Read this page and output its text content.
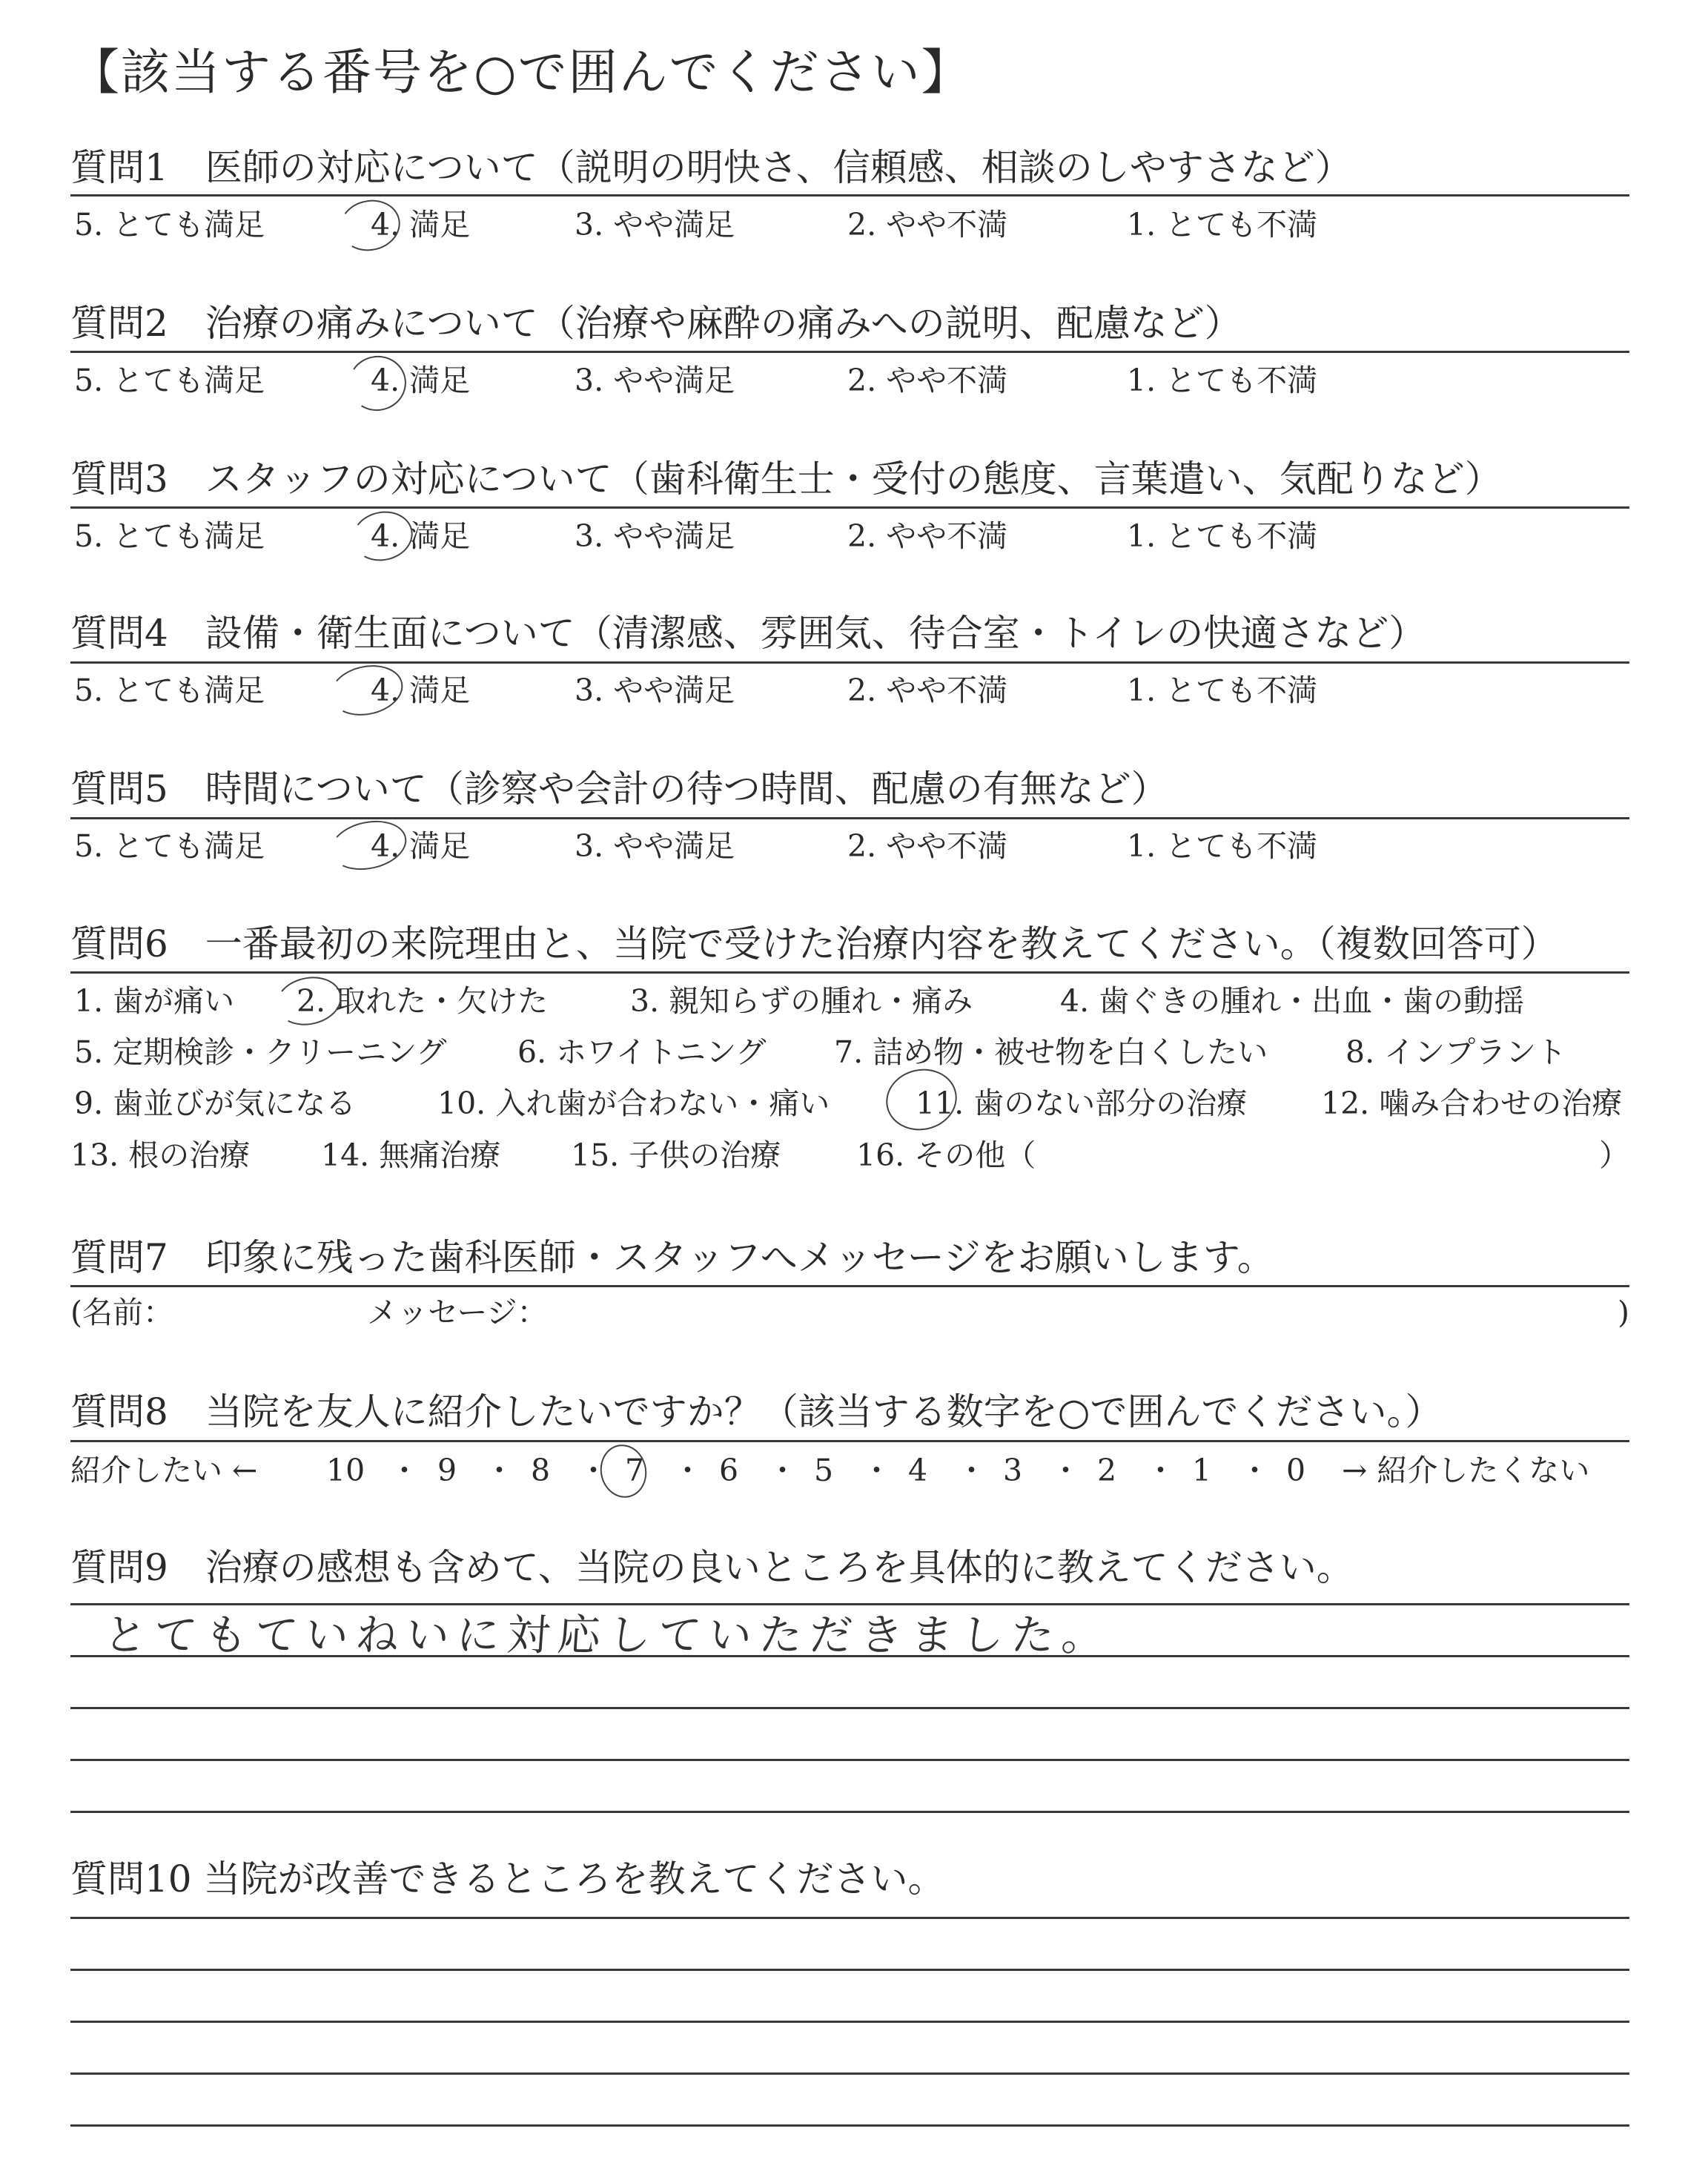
【該当する番号を○で囲んでください】
質問1　医師の対応について（説明の明快さ、信頼感、相談のしやすさなど）
5. とても満足	4. 満足	3. やや満足	2. やや不満	1. とても不満
質問2　治療の痛みについて（治療や麻酔の痛みへの説明、配慮など）
5. とても満足	4. 満足	3. やや満足	2. やや不満	1. とても不満
質問3　スタッフの対応について（歯科衛生士・受付の態度、言葉遣い、気配りなど）
5. とても満足	4. 満足	3. やや満足	2. やや不満	1. とても不満
質問4　設備・衛生面について（清潔感、雰囲気、待合室・トイレの快適さなど）
5. とても満足	4. 満足	3. やや満足	2. やや不満	1. とても不満
質問5　時間について（診察や会計の待つ時間、配慮の有無など）
5. とても満足	4. 満足	3. やや満足	2. やや不満	1. とても不満
質問6　一番最初の来院理由と、当院で受けた治療内容を教えてください。（複数回答可）
1. 歯が痛い 2. 取れた・欠けた	3. 親知らずの腫れ・痛み	4. 歯ぐきの腫れ・出血・歯の動揺
5. 定期検診・クリーニング 6. ホワイトニング 7. 詰め物・被せ物を白くしたい	8. インプラント
9. 歯並びが気になる	10. 入れ歯が合わない・痛い	11. 歯のない部分の治療 12. 噛み合わせの治療
13. 根の治療 14. 無痛治療 15. 子供の治療 16. その他（	）
質問7　印象に残った歯科医師・スタッフへメッセージをお願いします。
(名前：	メッセージ：	)
質問8　当院を友人に紹介したいですか？（該当する数字を○で囲んでください。）
紹介したい ← 10 ・ 9 ・ 8 ・ 7 ・ 6 ・ 5 ・ 4 ・ 3 ・ 2 ・ 1 ・ 0 → 紹介したくない
質問9　治療の感想も含めて、当院の良いところを具体的に教えてください。
とてもていねいに対応していただきました。
質問10 当院が改善できるところを教えてください。
